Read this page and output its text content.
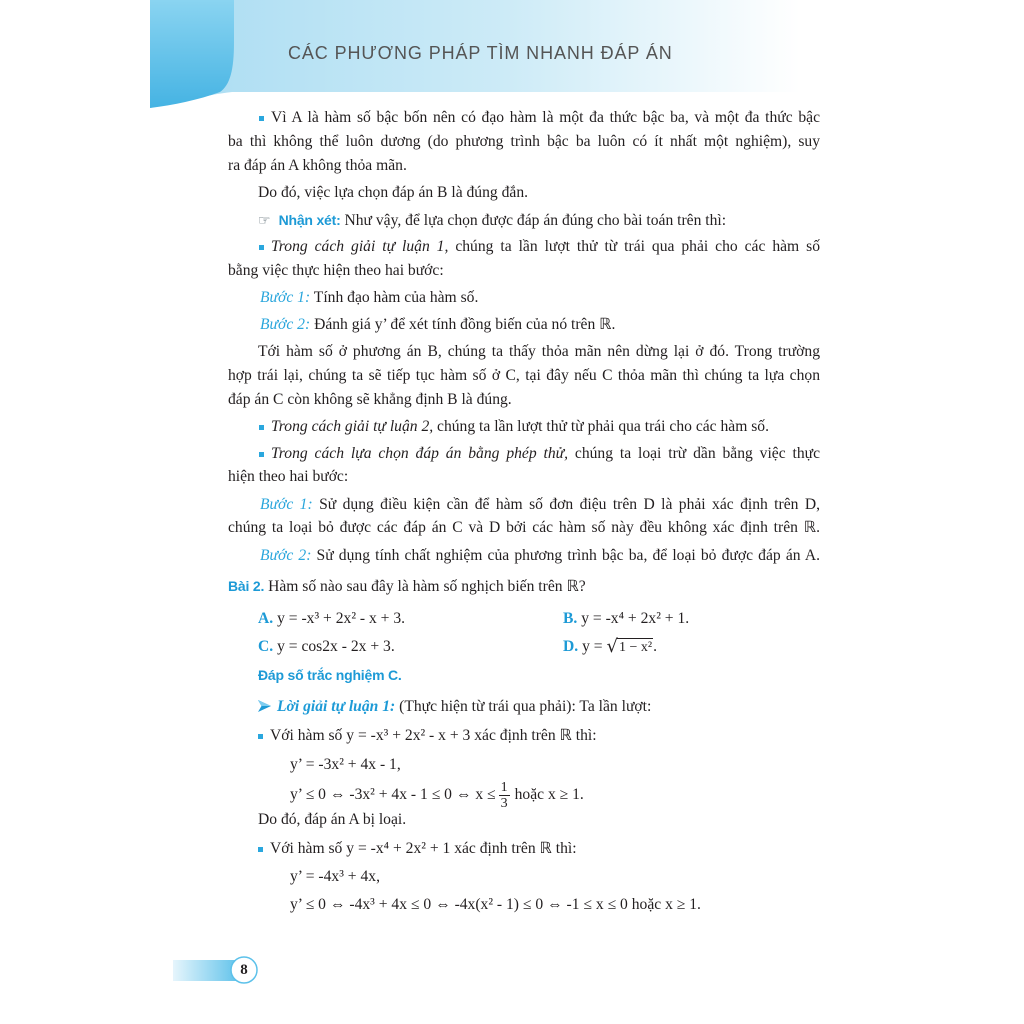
CÁC PHƯƠNG PHÁP TÌM NHANH ĐÁP ÁN
Vì A là hàm số bậc bốn nên có đạo hàm là một đa thức bậc ba, và một đa thức bậc
ba thì không thể luôn dương (do phương trình bậc ba luôn có ít nhất một nghiệm), suy
ra đáp án A không thỏa mãn.
Do đó, việc lựa chọn đáp án B là đúng đắn.
☞Nhận xét: Như vậy, để lựa chọn được đáp án đúng cho bài toán trên thì:
Trong cách giải tự luận 1, chúng ta lần lượt thử từ trái qua phải cho các hàm số
bằng việc thực hiện theo hai bước:
Bước 1: Tính đạo hàm của hàm số.
Bước 2: Đánh giá y’ để xét tính đồng biến của nó trên ℝ.
Tới hàm số ở phương án B, chúng ta thấy thỏa mãn nên dừng lại ở đó. Trong trường
hợp trái lại, chúng ta sẽ tiếp tục hàm số ở C, tại đây nếu C thỏa mãn thì chúng ta lựa chọn
đáp án C còn không sẽ khẳng định B là đúng.
Trong cách giải tự luận 2, chúng ta lần lượt thử từ phải qua trái cho các hàm số.
Trong cách lựa chọn đáp án bằng phép thử, chúng ta loại trừ dần bằng việc thực
hiện theo hai bước:
Bước 1: Sử dụng điều kiện cần để hàm số đơn điệu trên D là phải xác định trên D,
chúng ta loại bỏ được các đáp án C và D bởi các hàm số này đều không xác định trên ℝ.
Bước 2: Sử dụng tính chất nghiệm của phương trình bậc ba, để loại bỏ được đáp án A.
Bài 2. Hàm số nào sau đây là hàm số nghịch biến trên ℝ?
A. y = -x³ + 2x² - x + 3.	B. y = -x⁴ + 2x² + 1.
C. y = cos2x - 2x + 3.	D. y = √1 − x².
Đáp số trắc nghiệm C.
Lời giải tự luận 1: (Thực hiện từ trái qua phải): Ta lần lượt:
Với hàm số y = -x³ + 2x² - x + 3 xác định trên ℝ thì:
y’ = -3x² + 4x - 1,
y’ ≤ 0 ⇔ -3x² + 4x - 1 ≤ 0 ⇔ $x \le \frac{1}{3}$ hoặc x ≥ 1.
Do đó, đáp án A bị loại.
Với hàm số y = -x⁴ + 2x² + 1 xác định trên ℝ thì:
y’ = -4x³ + 4x,
y’ ≤ 0 ⇔ -4x³ + 4x ≤ 0 ⇔ -4x(x² - 1) ≤ 0 ⇔ -1 ≤ x ≤ 0 hoặc x ≥ 1.
8
